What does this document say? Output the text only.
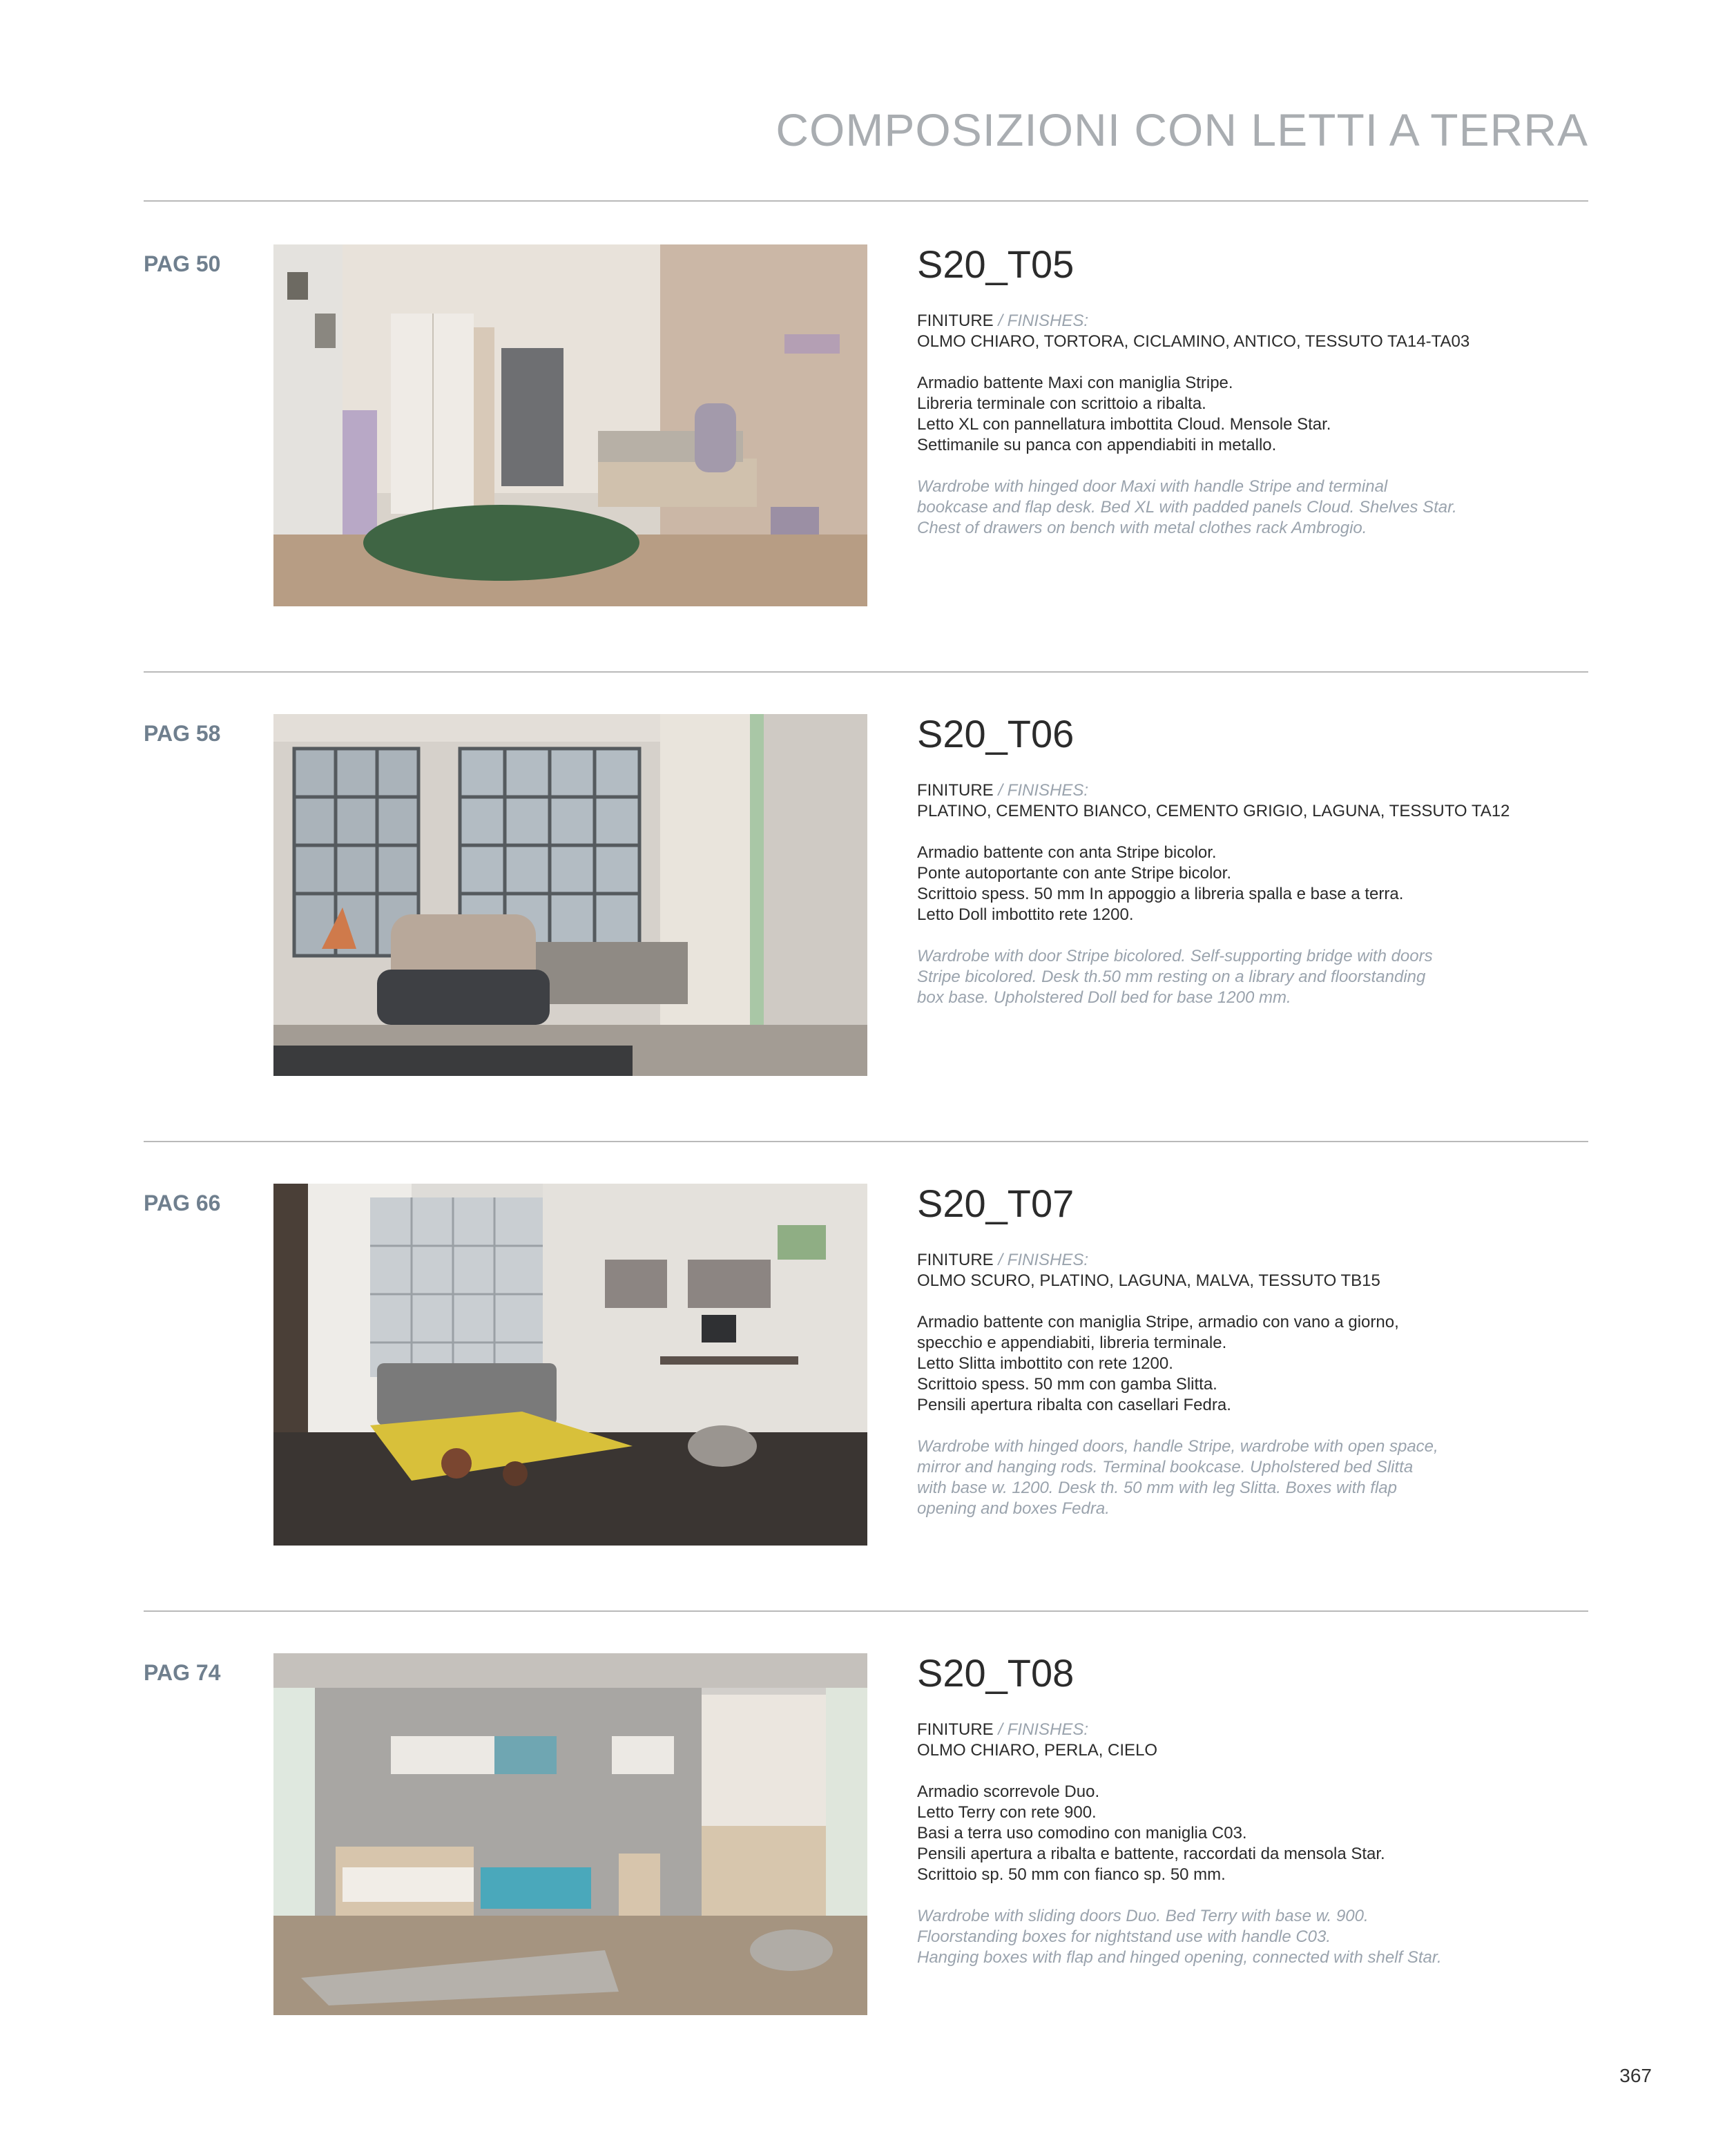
COMPOSIZIONI CON LETTI A TERRA
PAG 50	S20_T05
FINITURE / FINISHES:
OLMO CHIARO, TORTORA, CICLAMINO, ANTICO, TESSUTO TA14-TA03
Armadio battente Maxi con maniglia Stripe.
Libreria terminale con scrittoio a ribalta.
Letto XL con pannellatura imbottita Cloud. Mensole Star.
Settimanile su panca con appendiabiti in metallo.
Wardrobe with hinged door Maxi with handle Stripe and terminal
bookcase and flap desk. Bed XL with padded panels Cloud. Shelves Star.
Chest of drawers on bench with metal clothes rack Ambrogio.
PAG 58	S20_T06
FINITURE / FINISHES:
PLATINO, CEMENTO BIANCO, CEMENTO GRIGIO, LAGUNA, TESSUTO TA12
Armadio battente con anta Stripe bicolor.
Ponte autoportante con ante Stripe bicolor.
Scrittoio spess. 50 mm In appoggio a libreria spalla e base a terra.
Letto Doll imbottito rete 1200.
Wardrobe with door Stripe bicolored. Self-supporting bridge with doors
Stripe bicolored. Desk th.50 mm resting on a library and floorstanding
box base. Upholstered Doll bed for base 1200 mm.
PAG 66	S20_T07
FINITURE / FINISHES:
OLMO SCURO, PLATINO, LAGUNA, MALVA, TESSUTO TB15
Armadio battente con maniglia Stripe, armadio con vano a giorno,
specchio e appendiabiti, libreria terminale.
Letto Slitta imbottito con rete 1200.
Scrittoio spess. 50 mm con gamba Slitta.
Pensili apertura ribalta con casellari Fedra.
Wardrobe with hinged doors, handle Stripe, wardrobe with open space,
mirror and hanging rods. Terminal bookcase. Upholstered bed Slitta
with base w. 1200. Desk th. 50 mm with leg Slitta. Boxes with flap
opening and boxes Fedra.
PAG 74	S20_T08
FINITURE / FINISHES:
OLMO CHIARO, PERLA, CIELO
Armadio scorrevole Duo.
Letto Terry con rete 900.
Basi a terra uso comodino con maniglia C03.
Pensili apertura a ribalta e battente, raccordati da mensola Star.
Scrittoio sp. 50 mm con fianco sp. 50 mm.
Wardrobe with sliding doors Duo. Bed Terry with base w. 900.
Floorstanding boxes for nightstand use with handle C03.
Hanging boxes with flap and hinged opening, connected with shelf Star.
367
